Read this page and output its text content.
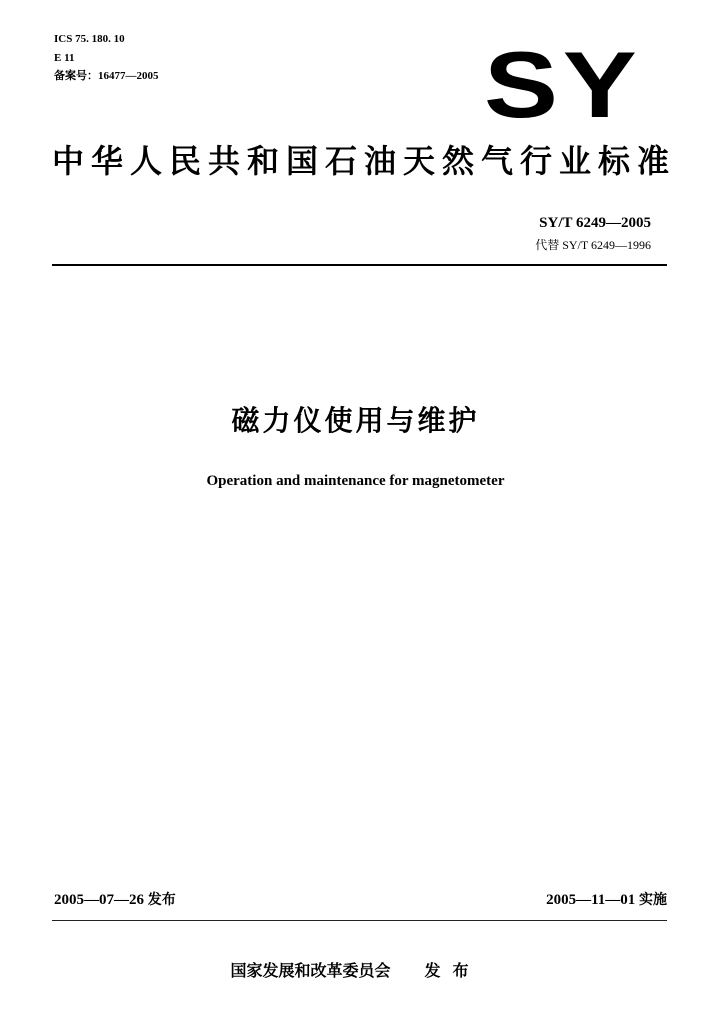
ICS 75. 180. 10
E 11
备案号：16477—2005	SY
中华人民共和国石油天然气行业标准
SY/T 6249—2005
代替 SY/T 6249—1996
磁力仪使用与维护
Operation and maintenance for magnetometer
2005—07—26 发布	2005—11—01 实施
国家发展和改革委员会 发布
